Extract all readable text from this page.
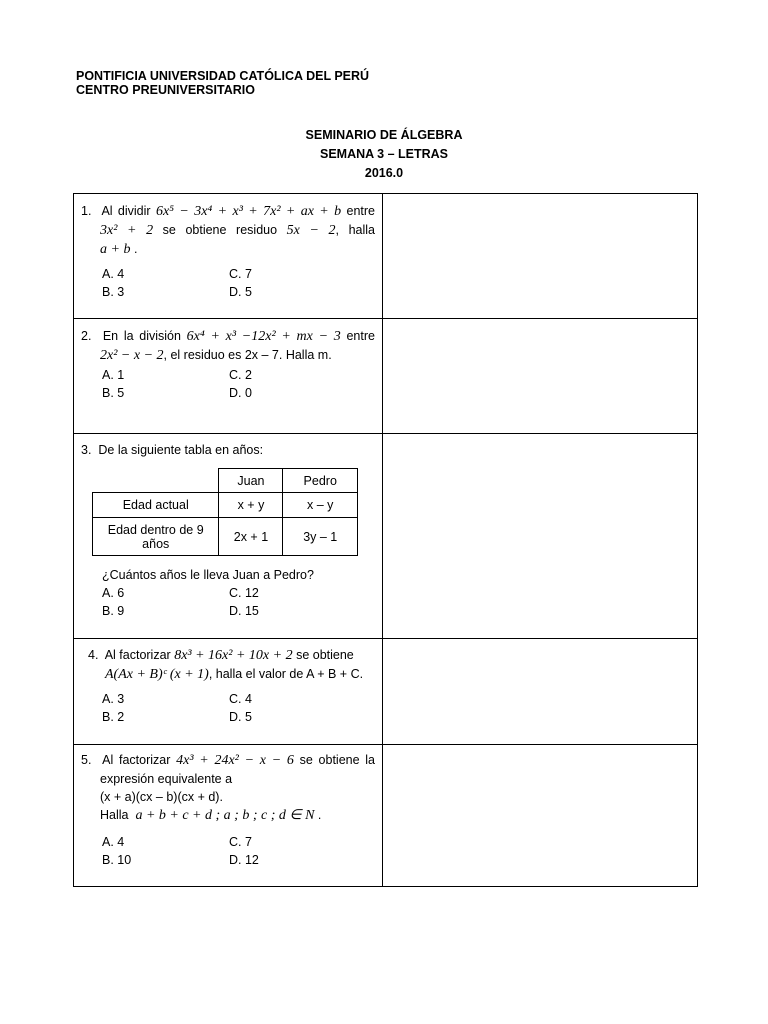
PONTIFICIA UNIVERSIDAD CATÓLICA DEL PERÚ
CENTRO PREUNIVERSITARIO
SEMINARIO DE ÁLGEBRA
SEMANA 3 – LETRAS
2016.0
1. Al dividir 6x⁵ − 3x⁴ + x³ + 7x² + ax + b entre
3x² + 2 se obtiene residuo 5x − 2, halla
a + b .
A. 4	C. 7
B. 3	D. 5
2. En la división 6x⁴ + x³ −12x² + mx − 3 entre
2x² − x − 2, el residuo es 2x – 7. Halla m.
A. 1	C. 2
B. 5	D. 0
3. De la siguiente tabla en años:
	Juan	Pedro
Edad actual	x + y	x – y
Edad dentro de 9 años	2x + 1	3y – 1
¿Cuántos años le lleva Juan a Pedro?
A. 6	C. 12
B. 9	D. 15
4. Al factorizar 8x³ + 16x² + 10x + 2 se obtiene
A(Ax + B)ᶜ (x + 1), halla el valor de A + B + C.
A. 3	C. 4
B. 2	D. 5
5. Al factorizar 4x³ + 24x² − x − 6 se obtiene la
expresión equivalente a
(x + a)(cx – b)(cx + d).
Halla a + b + c + d ; a ; b ; c ; d ∈ N .
A. 4	C. 7
B. 10	D. 12
